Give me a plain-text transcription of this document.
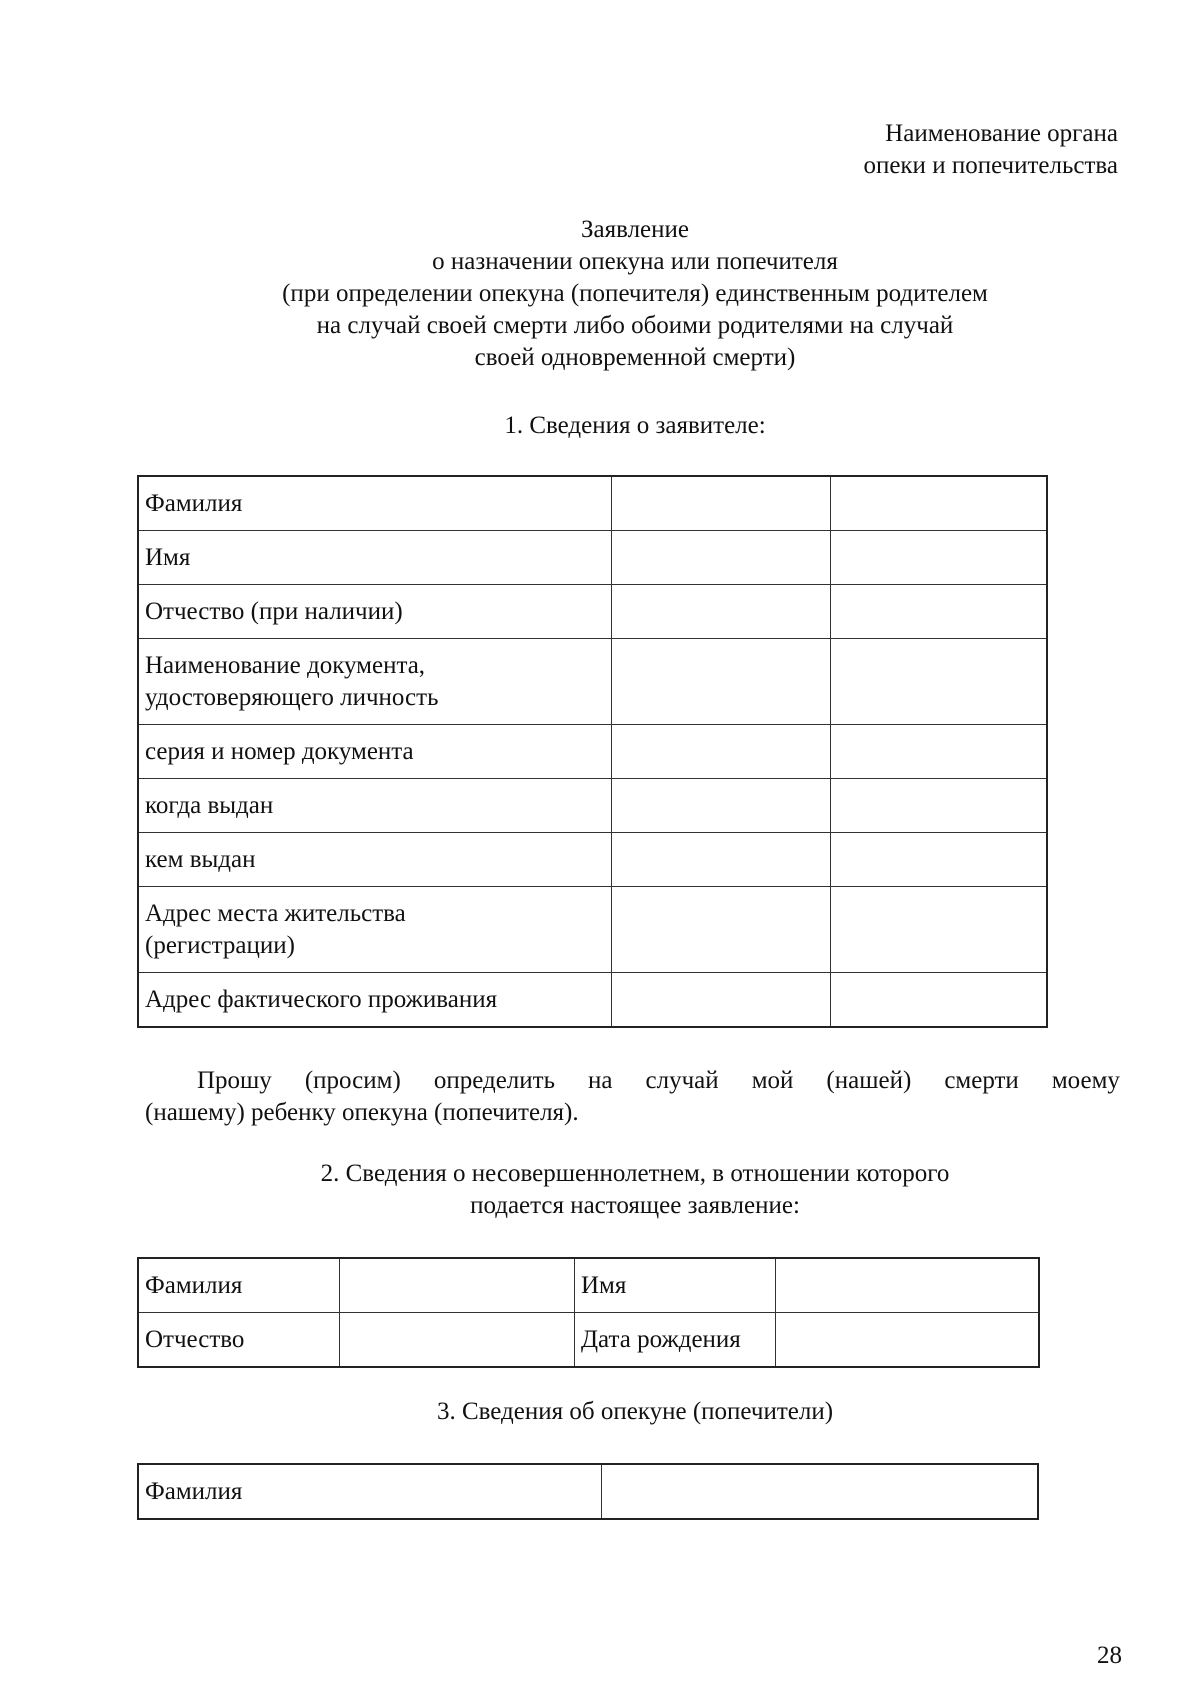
Наименование органа
опеки и попечительства
Заявление
о назначении опекуна или попечителя
(при определении опекуна (попечителя) единственным родителем
на случай своей смерти либо обоими родителями на случай
своей одновременной смерти)
1. Сведения о заявителе:
Фамилия		
Имя		
Отчество (при наличии)		

Наименование документа,
удостоверяющего личность		

серия и номер документа		
когда выдан		
кем выдан		

Адрес места жительства
(регистрации)		

Адрес фактического проживания		
Прошу (просим) определить на случай мой (нашей) смерти моему
(нашему) ребенку опекуна (попечителя).
2. Сведения о несовершеннолетнем, в отношении которого
подается настоящее заявление:
Фамилия		Имя	
Отчество		Дата рождения	
3. Сведения об опекуне (попечители)
Фамилия	
28
